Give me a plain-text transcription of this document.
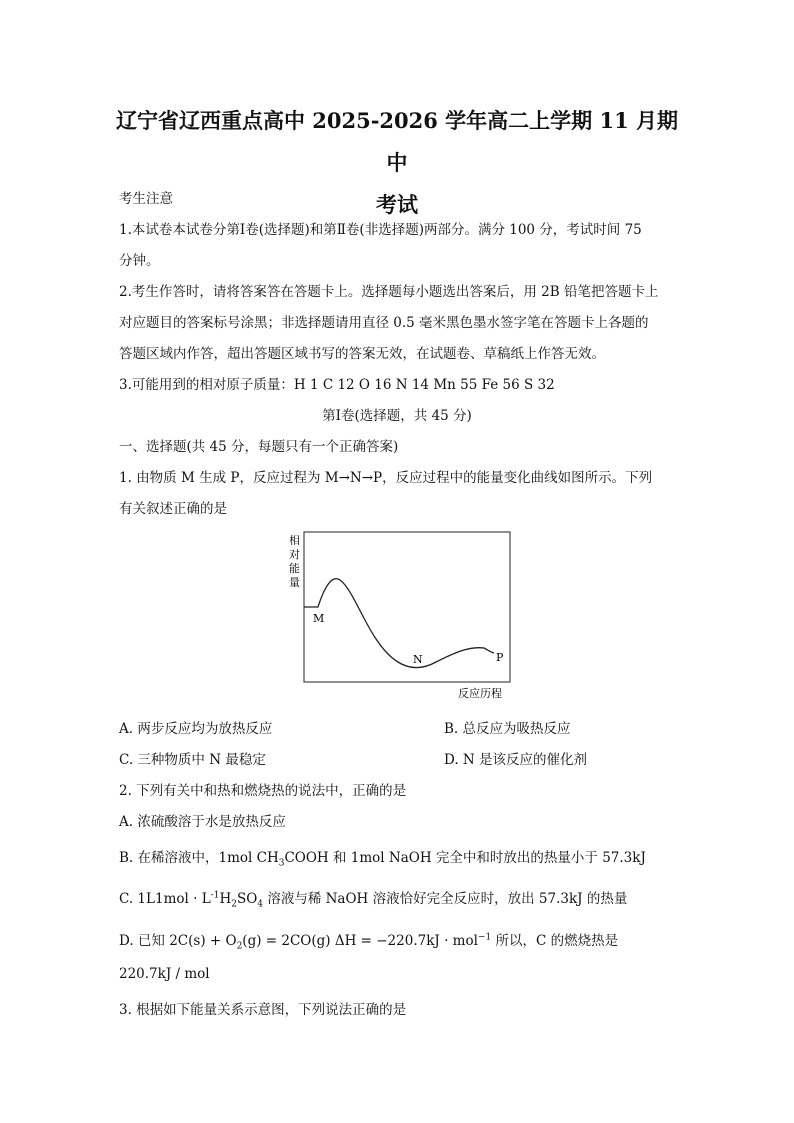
辽宁省辽西重点高中 2025-2026 学年高二上学期 11 月期中
考试
考生注意
1.本试卷本试卷分第Ⅰ卷(选择题)和第Ⅱ卷(非选择题)两部分。满分 100 分，考试时间 75
分钟。
2.考生作答时，请将答案答在答题卡上。选择题每小题选出答案后，用 2B 铅笔把答题卡上
对应题目的答案标号涂黑；非选择题请用直径 0.5 毫米黑色墨水签字笔在答题卡上各题的
答题区域内作答，超出答题区域书写的答案无效，在试题卷、草稿纸上作答无效。
3.可能用到的相对原子质量：H 1 C 12 O 16 N 14 Mn 55 Fe 56 S 32
第Ⅰ卷(选择题，共 45 分)
一、选择题(共 45 分，每题只有一个正确答案)
1. 由物质 M 生成 P，反应过程为 M→N→P，反应过程中的能量变化曲线如图所示。下列
有关叙述正确的是
相
对
能
量
M
N	P
反应历程
A. 两步反应均为放热反应	B. 总反应为吸热反应
C. 三种物质中 N 最稳定	D. N 是该反应的催化剂
2. 下列有关中和热和燃烧热的说法中，正确的是
A. 浓硫酸溶于水是放热反应
B. 在稀溶液中，1mol $CH_3COOH$ 和 1mol NaOH 完全中和时放出的热量小于 57.3kJ
C. $1L1mol \cdot L^{-1}H_2SO_4$ 溶液与稀 NaOH 溶液恰好完全反应时，放出 57.3kJ 的热量
D. 已知 $2C(s) + O_2(g) = 2CO(g) \Delta H = -220.7kJ \cdot mol^{-1}$ 所以，C 的燃烧热是
220.7kJ / mol
3. 根据如下能量关系示意图，下列说法正确的是
